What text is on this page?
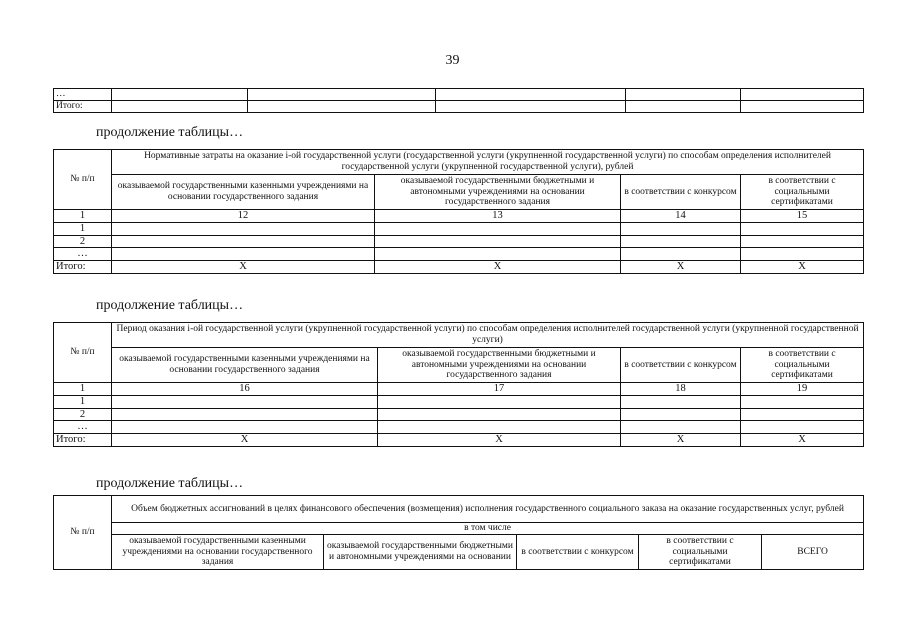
39
…					
Итого:					
продолжение таблицы…
№ п/п	Нормативные затраты на оказание i-ой государственной услуги (государственной услуги (укрупненной государственной услуги) по способам определения исполнителей государственной услуги (укрупненной государственной услуги), рублей			
	оказываемой государственными казенными учреждениями на основании государственного задания	оказываемой государственными бюджетными и автономными учреждениями на основании государственного задания	в соответствии с конкурсом	в соответствии с социальными сертификатами
1	12	13	14	15
1				
2				
…				
Итого:	X	X	X	X
продолжение таблицы…
№ п/п	Период оказания i-ой государственной услуги (укрупненной государственной услуги) по способам определения исполнителей государственной услуги (укрупненной государственной услуги)			
	оказываемой государственными казенными учреждениями на основании государственного задания	оказываемой государственными бюджетными и автономными учреждениями на основании государственного задания	в соответствии с конкурсом	в соответствии с социальными сертификатами
1	16	17	18	19
1				
2				
…				
Итого:	X	X	X	X
продолжение таблицы…
№ п/п	Объем бюджетных ассигнований в целях финансового обеспечения (возмещения) исполнения государственного социального заказа на оказание государственных услуг, рублей				
	в том числе				
	оказываемой государственными казенными учреждениями на основании государственного задания	оказываемой государственными бюджетными и автономными учреждениями на основании	в соответствии с конкурсом	в соответствии с социальными сертификатами	ВСЕГО
